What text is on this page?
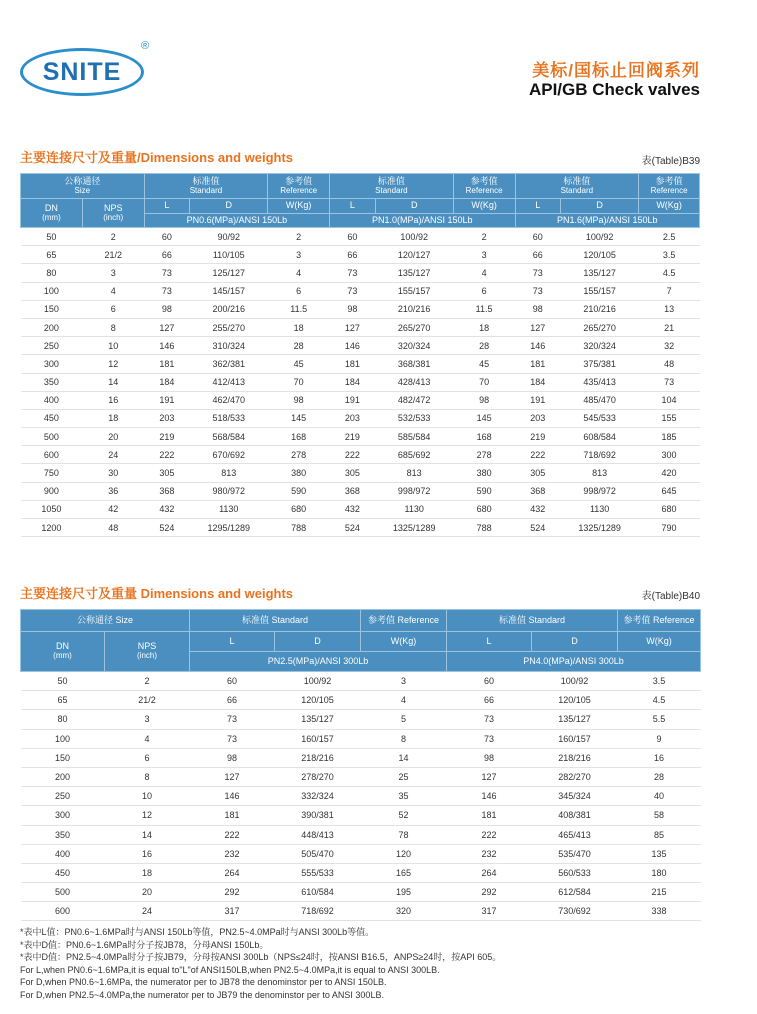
SNITE
®
美标/国标止回阀系列
API/GB Check valves
主要连接尺寸及重量/Dimensions and weights	表(Table)B39
公称通径
Size		标准值
Standard		参考值
Reference	标准值
Standard		参考值
Reference	标准值
Standard		参考值
Reference

DN
(mm)	NPS
(inch)	L	D	W(Kg)	L	D	W(Kg)	L	D	W(Kg)
		PN0.6(MPa)/ANSI 150Lb			PN1.0(MPa)/ANSI 150Lb			PN1.6(MPa)/ANSI 150Lb		
50	2	60	90/92	2	60	100/92	2	60	100/92	2.5
65	21/2	66	110/105	3	66	120/127	3	66	120/105	3.5
80	3	73	125/127	4	73	135/127	4	73	135/127	4.5
100	4	73	145/157	6	73	155/157	6	73	155/157	7
150	6	98	200/216	11.5	98	210/216	11.5	98	210/216	13
200	8	127	255/270	18	127	265/270	18	127	265/270	21
250	10	146	310/324	28	146	320/324	28	146	320/324	32
300	12	181	362/381	45	181	368/381	45	181	375/381	48
350	14	184	412/413	70	184	428/413	70	184	435/413	73
400	16	191	462/470	98	191	482/472	98	191	485/470	104
450	18	203	518/533	145	203	532/533	145	203	545/533	155
500	20	219	568/584	168	219	585/584	168	219	608/584	185
600	24	222	670/692	278	222	685/692	278	222	718/692	300
750	30	305	813	380	305	813	380	305	813	420
900	36	368	980/972	590	368	998/972	590	368	998/972	645
1050	42	432	1130	680	432	1130	680	432	1130	680
1200	48	524	1295/1289	788	524	1325/1289	788	524	1325/1289	790
主要连接尺寸及重量 Dimensions and weights	表(Table)B40
公称通径 Size		标准值 Standard		参考值 Reference	标准值 Standard		参考值 Reference
DN
(mm)	NPS
(inch)	L	D	W(Kg)	L	D	W(Kg)
		PN2.5(MPa)/ANSI 300Lb			PN4.0(MPa)/ANSI 300Lb		
50	2	60	100/92	3	60	100/92	3.5
65	21/2	66	120/105	4	66	120/105	4.5
80	3	73	135/127	5	73	135/127	5.5
100	4	73	160/157	8	73	160/157	9
150	6	98	218/216	14	98	218/216	16
200	8	127	278/270	25	127	282/270	28
250	10	146	332/324	35	146	345/324	40
300	12	181	390/381	52	181	408/381	58
350	14	222	448/413	78	222	465/413	85
400	16	232	505/470	120	232	535/470	135
450	18	264	555/533	165	264	560/533	180
500	20	292	610/584	195	292	612/584	215
600	24	317	718/692	320	317	730/692	338
*表中L值：PN0.6~1.6MPa时与ANSI 150Lb等值，PN2.5~4.0MPa时与ANSI 300Lb等值。
*表中D值：PN0.6~1.6MPa时分子按JB78，分母ANSI 150Lb。
*表中D值：PN2.5~4.0MPa时分子按JB79，分母按ANSI 300Lb（NPS≤24时，按ANSI B16.5，ANPS≥24时，按API 605。
For L,when PN0.6~1.6MPa,it is equal to"L"of ANSI150LB,when PN2.5~4.0MPa,it is equal to ANSI 300LB.
For D,when PN0.6~1.6MPa, the numerator per to JB78 the denominstor per to ANSI 150LB.
For D,when PN2.5~4.0MPa,the numerator per to JB79 the denominstor per to ANSI 300LB.
